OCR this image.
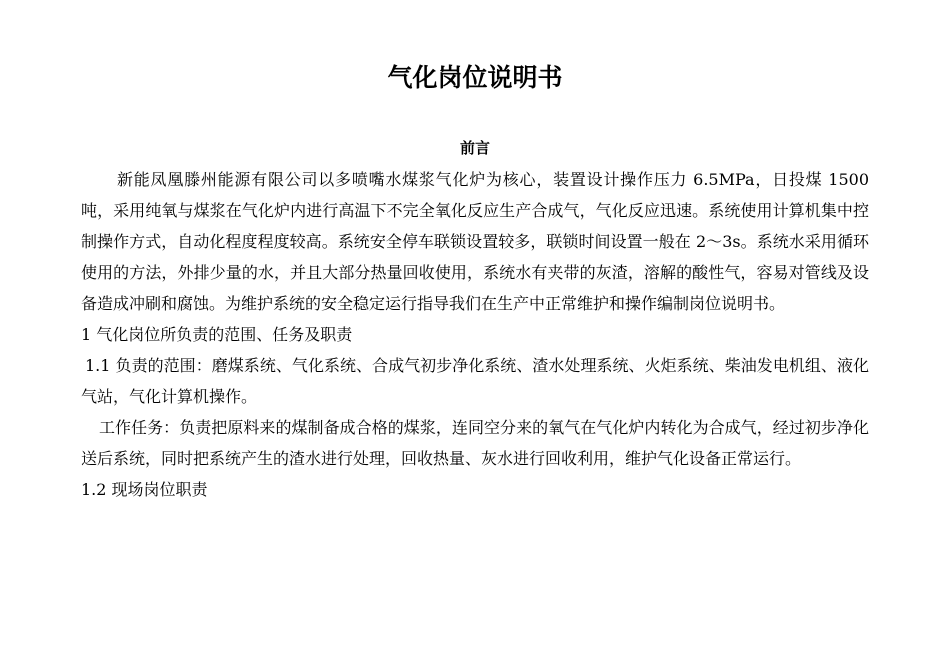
气化岗位说明书
前言

新能凤凰滕州能源有限公司以多喷嘴水煤浆气化炉为核心，装置设计操作压力 6.5MPa，日投煤 1500 吨，采用纯氧与煤浆在气化炉内进行高温下不完全氧化反应生产合成气，气化反应迅速。系统使用计算机集中控制操作方式，自动化程度程度较高。系统安全停车联锁设置较多，联锁时间设置一般在 2～3s。系统水采用循环使用的方法，外排少量的水，并且大部分热量回收使用，系统水有夹带的灰渣，溶解的酸性气，容易对管线及设备造成冲刷和腐蚀。为维护系统的安全稳定运行指导我们在生产中正常维护和操作编制岗位说明书。

1 气化岗位所负责的范围、任务及职责

1.1 负责的范围：磨煤系统、气化系统、合成气初步净化系统、渣水处理系统、火炬系统、柴油发电机组、液化气站，气化计算机操作。

工作任务：负责把原料来的煤制备成合格的煤浆，连同空分来的氧气在气化炉内转化为合成气，经过初步净化送后系统，同时把系统产生的渣水进行处理，回收热量、灰水进行回收利用，维护气化设备正常运行。

1.2 现场岗位职责
